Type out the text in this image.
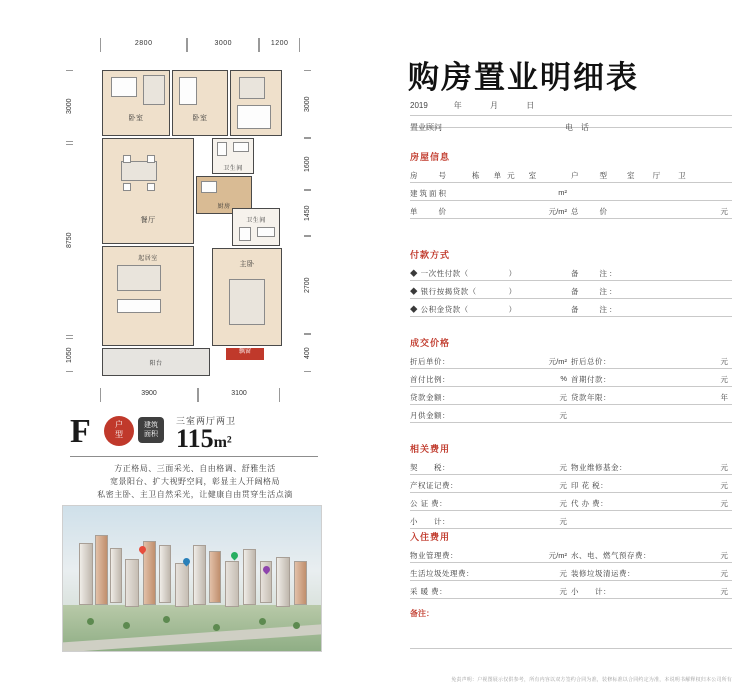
2800	3000	1200
3000
8750
1050
3000
1600
1450
2700
400
卧室	卧室
卫生间
厨房
餐厅	卫生间
主卧
起居室
阳台
飘窗
3900	3100
F	户
型
建筑
面积
三室两厅两卫
115m²
方正格局、三面采光、自由格调、舒雅生活
宽景阳台、扩大视野空间，彰显主人开阔格局
私密主卧、主卫自然采光，让健康自由贯穿生活点滴
购房置业明细表
2019	年	月	日
置业顾问	电　话
房屋信息
房　　号	栋 单元 室	户　　型 室 厅 卫
建筑面积	m²
单　　价	元/m² 总　　价	元
付款方式
◆ 一次性付款（　　　　　）	备　　注：
◆ 银行按揭贷款（　　　　）	备　　注：
◆ 公积金贷款（　　　　　）	备　　注：
成交价格
折后单价：	元/m² 折后总价：	元
首付比例：	% 首期付款：	元
贷款金额：	元 贷款年限：	年
月供金额：	元
相关费用
契　　税：	元 物业维修基金：	元
产权证记费：	元 印 花 税：	元
公 证 费：	元 代 办 费：	元
小　　计：	元
入住费用
物业管理费：	元/m² 水、电、燃气预存费：	元
生活垃圾处理费：	元 装修垃圾清运费：	元
采 暖 费：	元 小　　计：	元
备注：
免责声明：户视图展示仅供参考，所有内容以双方签约合同为准，装修标准以合同约定为准，本说明书解释权归本公司所有
